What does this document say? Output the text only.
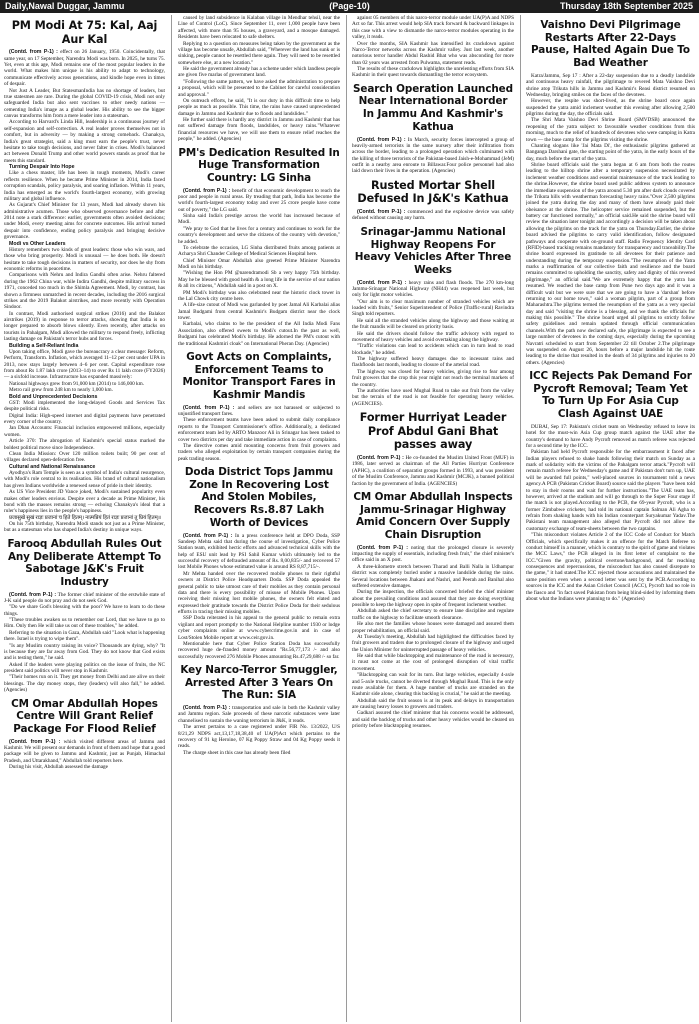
Daily,Nawal Duggar, Jammu	(Page-10)	Thursday 18th September 2025
PM Modi At 75: Kal, Aaj Aur Kal

(Contd. from P-1) : effect on 26 January, 1950. Coincidentally, that same year, on 17 September, Narendra Modi was born. In 2025, he turns 75. Yet, even at this age, Modi remains one of the most popular leaders in the world. What makes him unique is his ability to adapt to technology, communicate effectively across generations, and kindle hope even in times of despair.

Not Just A Leader, But StatesmanIndia has no shortage of leaders, but true statesmen are rare. During the global COVID-19 crisis, Modi not only safeguarded India but also sent vaccines to other needy nations — cementing India's image as a global leader. His ability to see the bigger canvas transforms him from a mere leader into a statesman.

According to Harvard's Linda Hill, leadership is a continuous journey of self-expansion and self-correction. A real leader proves themselves not in comfort, but in adversity — by making a strong comeback. Chanakya, India's great strategist, said a king must earn the people's trust, never hesitate to take tough decisions, and never falter in crises. Modi's balanced act between Donald Trump and other world powers stands as proof that he meets this standard.

Turning Despair Into Hope

Like a chess master, life has been in tough moments, Modi's career reflects resilience. When he became Prime Minister in 2014, India faced corruption scandals, policy paralysis, and soaring inflation. Within 11 years, India has emerged as the world's fourth-largest economy, with growing military and global influence.

As Gujarat's Chief Minister for 13 years, Modi had already shown his administrative acumen. Those who observed governance before and after 2014 note a stark difference: earlier, governments often avoided decisions; under Modi, every meeting aims for concrete outcomes. His arrival turned despair into confidence, ending policy paralysis and bringing decisive governance.

Modi vs Other Leaders

History remembers two kinds of great leaders: those who win wars, and those who bring prosperity. Modi is unusual — he does both. He doesn't hesitate to take tough decisions in matters of security, nor does he shy from economic reforms in peacetime.

Comparisons with Nehru and Indira Gandhi often arise. Nehru faltered during the 1962 China war, while Indira Gandhi, despite military success in 1971, conceded too much in the Shimla Agreement. Modi, by contrast, has shown a firmness unmatched in recent decades, including the 2016 surgical strikes and the 2019 Balakot airstrikes, and more recently with Operation Sindoor.

In contrast, Modi authorised surgical strikes (2016) and the Balakot airstrikes (2019) in response to terror attacks, showing that India is no longer prepared to absorb blows silently. Even recently, after attacks on tourists in Pahalgam, Modi allowed the military to respond freely, inflicting lasting damage on Pakistan's terror hubs and forces.

Building a Self-Reliant India

Upon taking office, Modi gave the bureaucracy a clear message: Reform, Perform, Transform. Inflation, which averaged 11–12 per cent under UPA in 2013, now stays largely between 4–6 per cent. Capital expenditure rose from about Rs 1.87 lakh crore (2013–14) to over Rs 11 lakh crore (FY2026) — a sixfold increase. Infrastructure has expanded massively:

National highways grew from 91,000 km (2014) to 146,000 km.

Metro rail grew from 248 km to nearly 1,000 km.

Bold and Unprecedented Decisions

GST: Modi implemented the long-delayed Goods and Services Tax despite political risks.

Digital India: High-speed internet and digital payments have penetrated every corner of the country.

Jan Dhan Accounts: Financial inclusion empowered millions, especially women.

Article 370: The abrogation of Kashmir's special status marked the boldest political move since Independence.

Clean India Mission: Over 120 million toilets built; 90 per cent of villages declared open-defecation free.

Cultural and National Renaissance

Ayodhya's Ram Temple is seen as a symbol of India's cultural resurgence, with Modi's role central to its realisation. His brand of cultural nationalism has given Indians worldwide a renewed sense of pride in their identity.

As US Vice President JD Vance joked, Modi's sustained popularity even makes other leaders envious. Despite over a decade as Prime Minister, his bond with the masses remains strong — echoing Chanakya's ideal that a ruler's happiness lies in the people's happiness.

प्रजासुखे सुखं राज्ञः प्रजानां च हिते हितम्। नात्मप्रियं हितं राज्ञः प्रजानां तु प्रियं हितम्॥

On his 75th birthday, Narendra Modi stands not just as a Prime Minister, but as a statesman who has shaped India's destiny in unique ways.

Farooq Abdullah Rules Out Any Deliberate Attempt To Sabotage J&K's Fruit Industry

(Contd. from P-1) : The former chief minister of the erstwhile state of J-K said people do not pray and do not seek God.

"Do we share God's blessing with the poor? We have to learn to do these things.

"These troubles awaken us to remember our Lord, that we have to go to Him. Only then He will take us out of these troubles," he added.

Referring to the situation in Gaza, Abdullah said "Look what is happening there. Israel is trying to wipe them".

"Is any Muslim country raising its voice? Thousands are dying, why? "It is because they are far away from God. They do not know that God exists and is testing them," he said.

Asked if the leaders were playing politics on the issue of fruits, the NC president said politics will never stop in Kashmir.

"Their homes run on it. They get money from Delhi and are alive on their blessings. The day money stops, they (leaders) will also fall," he added. (Agencies)

CM Omar Abdullah Hopes Centre Will Grant Relief Package For Flood Relief

(Contd. from P-1) : which visited different areas of Jammu and Kashmir. We will present our demands in front of them and hope that a good package will be given to Jammu and Kashmir, just as Punjab, Himachal Pradesh, and Uttarakhand," Abdullah told reporters here.

During his visit, Abdullah assessed the damage

caused by land subsidence in Kalaban village in Mendhar tehsil, near the Line of Control (LoC). Since September 11, over 1,000 people have been affected, with more than 95 houses, a graveyard, and a mosque damaged. Residents have been relocated to safe shelters.

Replying to a question on measures being taken by the government as the village has become unsafe, Abdullah said, "Wherever the land has sunk or is sinking, people cannot be resettled there again. They will need to be resettled somewhere else, at a new location."

He said the government already has a scheme under which landless people are given five marlas of government land.

"Following the same pattern, we have asked the administration to prepare a proposal, which will be presented to the Cabinet for careful consideration and approval."

On outreach efforts, he said, "It is our duty in this difficult time to help people as much as possible. This time, the rains have caused unprecedented damage in Jammu and Kashmir due to floods and landslides."

He further said there is hardly any district in Jammu and Kashmir that has not suffered damage from floods, landslides, or heavy rains."Whatever financial resources we have, we will use them to ensure relief reaches the people," he added. (Agencies)

PM's Dedication Resulted In Huge Transformation Country: LG Sinha

(Contd. from P-1) : benefit of that economic development to reach the poor and people in rural areas. By treading that path, India has become the world's fourth-largest economy today and over 25 crore people have come out of poverty," the LG said.

Sinha said India's prestige across the world has increased because of Modi.

"We pray to God that he lives for a century and continues to work for the country's development and serve the citizens of the country with devotion," he added.

To celebrate the occasion, LG Sinha distributed fruits among patients at Acharya Shri Chander College of Medical Sciences Hospital here.

Chief Minister Omar Abdullah also greeted Prime Minister Narendra Modi on his birthday.

"Wishing the Hon PM @narendramodi Sb a very happy 75th birthday. May he be blessed with good health & a long life in the service of our nation & all its citizens," Abdullah said in a post on X.

PM Modi's birthday was also celebrated near the historic clock tower in the Lal Chowk city centre here.

A life-size cutout of Modi was garlanded by poet Jamal Ali Karbalai alias Jamal Budgami from central Kashmir's Budgam district near the clock tower.

Karbalai, who claims to be the president of the All India Modi Fans Association, also offered sweets to Modi's cutout.In the past as well, Budgami has celebrated Modi's birthday. He adorned the PM's cutout with the traditional Kashmiri cloak" on International Pheran Day. (Agencies)

Govt Acts on Complaints, Enforcement Teams to Monitor Transport Fares in Kashmir Mandis

(Contd. from P-1) : and sellers are not harassed or subjected to unjustified transport fares.

These enforcement teams have been asked to submit daily compliance reports to the Transport Commissioner's office. Additionally, a dedicated enforcement team led by ARTO Manzoor Ali in Srinagar has been tasked to cover two districts per day and take immediate action in case of complaints.

The directive comes amid mounting concerns from fruit growers and traders who alleged exploitation by certain transport companies during the peak trading season.

Doda District Tops Jammu Zone In Recovering Lost And Stolen Mobiles, Recovers Rs.8.87 Lakh Worth of Devices

(Contd. from P-1) : In a press conference held at DPO Doda, SSP Sandeep Mehta said that during the course of investigation, Cyber Police Station team, exhibited hectic efforts and advanced technical skills with the help of ESU unit lead by PSI Sahil Kumar which ultimately led to the successful recovery of defrauded amount of Rs. 8,00,835/- and recovered 57 lost Mobile Phones whose estimated value is around RS 8,87,715/-.

Mr Mehta handed over the recovered mobile phones to their rightful owners at District Police Headquarters Doda. SSP Doda appealed the general public to take utmost care of their mobiles as they contain personal data and there is every possibility of misuse of Mobile Phones. Upon receiving their missing lost mobile phones, the owners felt elated and expressed their gratitude towards the District Police Doda for their sedulous efforts in tracing their missing mobiles.

SSP Doda reiterated in his appeal to the general public to remain extra vigilant and report promptly to the National Helpline number 1930 or lodge cyber complaints online at www.cybercrime.gov.in and in case of Lost/Stolen Mobile report at www.ceir.gov.in.

Mentionable here that Cyber Police Station Doda has successfully recovered huge de-frauded money amount "Rs.56,77,173 /- and also successfully recovered 276 Mobile Phones amounting Rs.47,29,688 /- so far.

Key Narco-Terror Smuggler, Arrested After 3 Years On The Run: SIA

(Contd. from P-1) : transportation and sale in both the Kashmir valley and Jammu region. Sale proceeds of these narcotic substances were later channelised to sustain the waning terrorism in J&K, it reads.

The arrest pertains to a case registered under FIR No. 13/2022, U/S 8/21,29 NDPS act,13,17,18,38,40 of UA(P)Act which pertains to the recovery of 91 kg Heroine, 07 Kg Poppy Straw and 04 Kg Poppy seeds it reads.

The charge sheet in this case has already been filed

against 05 members of this narco-terror module under UA(P)A and NDPS Act so far. This arrest would help SIA track forward & backward linkages in this case with a view to dismantle the narco-terror modules operating in the valley, it reads.

Over the months, SIA Kashmir has intensified its crackdown against Narco-Terror networks across the Kashmir valley. Just last week, another notorious terror handler Abdul Rashid Bhat who was absconding for more than 02 years was arrested from Pulwama, statement reads.

The results of these crackdown highlights the unrelenting efforts from SIA Kashmir in their quest towards dismantling the terror ecosystem.

Search Operation Launched Near International Border In Jammu And Kashmir's Kathua

(Contd. from P-1) : In March, security forces intercepted a group of heavily-armed terrorists in the same nursery after their infiltration from across the border, leading to a prolonged operation which culminated with the killing of three terrorists of the Pakistan-based Jaish-e-Mohammad (JeM) outfit in a nearby area enroute to Billawar.Four police personnel had also laid down their lives in the operation. (Agencies)

Rusted Mortar Shell Defused In J&K's Kathua

(Contd. from P-1) : commenced and the explosive device was safely defused without causing any harm.

Srinagar-Jammu National Highway Reopens For Heavy Vehicles After Three Weeks

(Contd. from P-1) : heavy rains and flash floods. The 270 km-long Jammu-Srinagar National Highway (NH44) was reopened last week, but only for light motor vehicles.

"Our aim is to clear maximum number of stranded vehicles which are loaded with fruits," Senior Superintendent of Police (Traffic-rural) Ravindra Singh told reporters.

He said all the stranded vehicles along the highway and those waiting at the fruit mandis will be cleared on priority basis.

He said the drivers should follow the traffic advisory with regard to movement of heavy vehicles and avoid overtaking along the highway.

"Traffic violations can lead to accidents which can in turn lead to road blockade," he added.

The highway suffered heavy damages due to incessant rains and flashfloods last month, leading to closure of the arterial road.

The highway was closed for heavy vehicles, giving rise to fear among fruit growers that the crop this year might not reach the terminal markets of the country.

The authorities have used Mughal Road to take out fruit from the valley but the terrain of the road is not feasible for operating heavy vehicles. (AGENCIES).

Former Hurriyat Leader Prof Abdul Gani Bhat passes away

(Contd. from P-1) : He co-founded the Muslim United Front (MUF) in 1986, later served as chairman of the All Parties Hurriyat Conference (APHC), a coalition of separatist groups formed in 1993, and was president of the Muslim Conference, Jammu and Kashmir (MCJK), a banned political faction by the government of India. (AGENCIES)

CM Omar Abdullah Inspects Jammu-Srinagar Highway Amid Concern Over Supply Chain Disruption

(Contd. from P-1) : noting that the prolonged closure is severely impacting the supply of essentials, including fresh fruit," the chief minister's office said in an X post.

A three-kilometre stretch between Tharad and Balli Nalla in Udhampur district was completely buried under a massive landslide during the rains. Several locations between Jhakani and Nashri, and Peerah and Banihal also suffered extensive damages.

During the inspection, the officials concerned briefed the chief minister about the prevailing conditions and assured that they are doing everything possible to keep the highway open in spite of frequent inclement weather.

Abdullah asked the chief secretary to ensure lane discipline and regulate traffic on the highway to facilitate smooth clearance.

He also met the families whose houses were damaged and assured them proper rehabilitation, an official said.

At Tuesday's meeting, Abdullah had highlighted the difficulties faced by fruit growers and traders due to prolonged closure of the highway and urged the Union Minister for uninterrupted passage of heavy vehicles.

He said that while blacktopping and maintenance of the road is necessary, it must not come at the cost of prolonged disruption of vital traffic movement.

"Blacktopping can wait for its turn. But large vehicles, especially 4-axle and 5-axle trucks, cannot be diverted through Mughal Road. This is the only route available for them. A huge number of trucks are stranded on the Kashmir side alone, clearing this backlog is crucial," he said at the meeting.

Abdullah said the fruit season is at its peak and delays in transportation are causing heavy losses to growers and traders.

Gadkari assured the chief minister that his concerns would be addressed, and said the backlog of trucks and other heavy vehicles would be cleared on priority before blacktopping resumes.

Vaishno Devi Pilgrimage Restarts After 22-Days Pause, Halted Again Due To Bad Weather

Katra/Jammu, Sep 17 : After a 22-day suspension due to a deadly landslide and continuous heavy rainfall, the pilgrimage to revered Mata Vaishno Devi shrine atop Trikuta hills in Jammu and Kashmir's Reasi district resumed on Wednesday, bringing smiles on the faces of the devotees.

However, the respite was short-lived, as the shrine board once again suspended the yatra amid inclement weather this evening after allowing 2,500 pilgrims during the day, the officials said.

The Shri Mata Vaishno Devi Shrine Board (SMVDSB) announced the reopening of the yatra subject to favourable weather conditions from this morning, much to the relief of hundreds of devotees who were camping in Katra town — the base camp for the pilgrims visiting the shrine.

Chanting slogans like 'Jai Mata Di', the enthusiastic pilgrims gathered at Banganga Darshani gate, the starting point of the yatra, in the early hours of the day, much before the start of the yatra.

Shrine board officials said the yatra began at 6 am from both the routes leading to the hilltop shrine after a temporary suspension necessitated by inclement weather conditions and essential maintenance of the track leading to the shrine.However, the shrine board used public address system to announce the immediate suspension of the yatra around 5.30 pm after dark clouds covered the Trikuta hills with weatherman forecasting heavy rains."Over 2,500 pilgrims joined the yatra during the day and many of them have already paid their obeisance at the shrine. The helicopter service remained suspended, but the battery car functioned normally," an official said.He said the shrine board will review the situation later tonight and accordingly a decision will be taken about allowing the pilgrims on the track for the yatra on Thursday.Earlier, the shrine board advised the pilgrims to carry valid identification, follow designated pathways and cooperate with on-ground staff. Radio Frequency Identity Card (RFID)-based tracking remains mandatory for transparency and traceability.The shrine board expressed its gratitude to all devotees for their patience and understanding during the temporary suspension."The resumption of the Yatra marks a reaffirmation of our collective faith and resilience and the board remains committed to upholding the sanctity, safety and dignity of this revered pilgrimage," an official said."We are extremely happy that the yatra has resumed. We reached the base camp from Pune two days ago and it was a difficult wait but we were sure that we are going to have a 'darshan' before returning to our home town," said a woman pilgrim, part of a group from Maharashtra.The pilgrims termed the resumption of the yatra as a very special day and said "visiting the shrine is a blessing, and we thank the officials for making this possible." The shrine board urged all pilgrims to strictly follow safety guidelines and remain updated through official communication channels.With the path now declared safe, the pilgrimage is expected to see a large number of devotees in the coming days, especially during the upcoming Navratri scheduled to start from September 22 till October 2.The pilgrimage was suspended on August 26, hours before a major landslide hit the route leading to the shrine that resulted in the death of 34 pilgrims and injuries to 20 others. (Agencies)

ICC Rejects Pak Demand For Pycroft Removal; Team Yet To Turn Up For Asia Cup Clash Against UAE

DUBAI, Sep 17: Pakistan's cricket team on Wednesday refused to leave its hotel for the must-win Asia Cup group match against the UAE after the country's demand to have Andy Pycroft removed as match referee was rejected for a second time by the ICC.

Pakistan had held Pycroft responsible for the embarrassment it faced after Indian players refused to shake hands following their match on Sunday as a mark of solidarity with the victims of the Pahalgam terror attack."Pycroft will remain match referee for Wednesday's game and if Pakistan don't turn up, UAE will be awarded full points," well-placed sources in tournament told a news agency.A PCB (Pakistan Cricket Board) source said the players "have been told to stay in their rooms and wait for further instructions."The UAE team has, however, arrived at the stadium and will go through to the Super Four stage if the match is not played.According to the PCB, the 69-year Pycroft, who is a former Zimbabwe cricketer, had told its national captain Salman Ali Agha to refrain from shaking hands with his Indian counterpart Suryakumar Yadav.The Pakistani team management also alleged that Pycroft did not allow the customary exchange of team-sheets between the two captains.

"This misconduct violates Article 2 of the ICC Code of Conduct for Match Officials, which specifically makes it an offence for the Match Referee to conduct himself in a manner, which is contrary to the spirit of game and violates the MCC Laws," the PCB alleged in its first letter of complaint to the ICC."Given the gravity, political overtone/background, and far reaching consequences and repercussions, the misconduct has also caused disrepute to the game," it had stated.The ICC rejected those accusations and maintained the same position even when a second letter was sent by the PCB.According to sources in the ICC and the Asian Cricket Council (ACC), Pycroft had no role in the fiasco and "in fact saved Pakistan from being blind-sided by informing them about what the Indians were planning to do." (Agencies)
